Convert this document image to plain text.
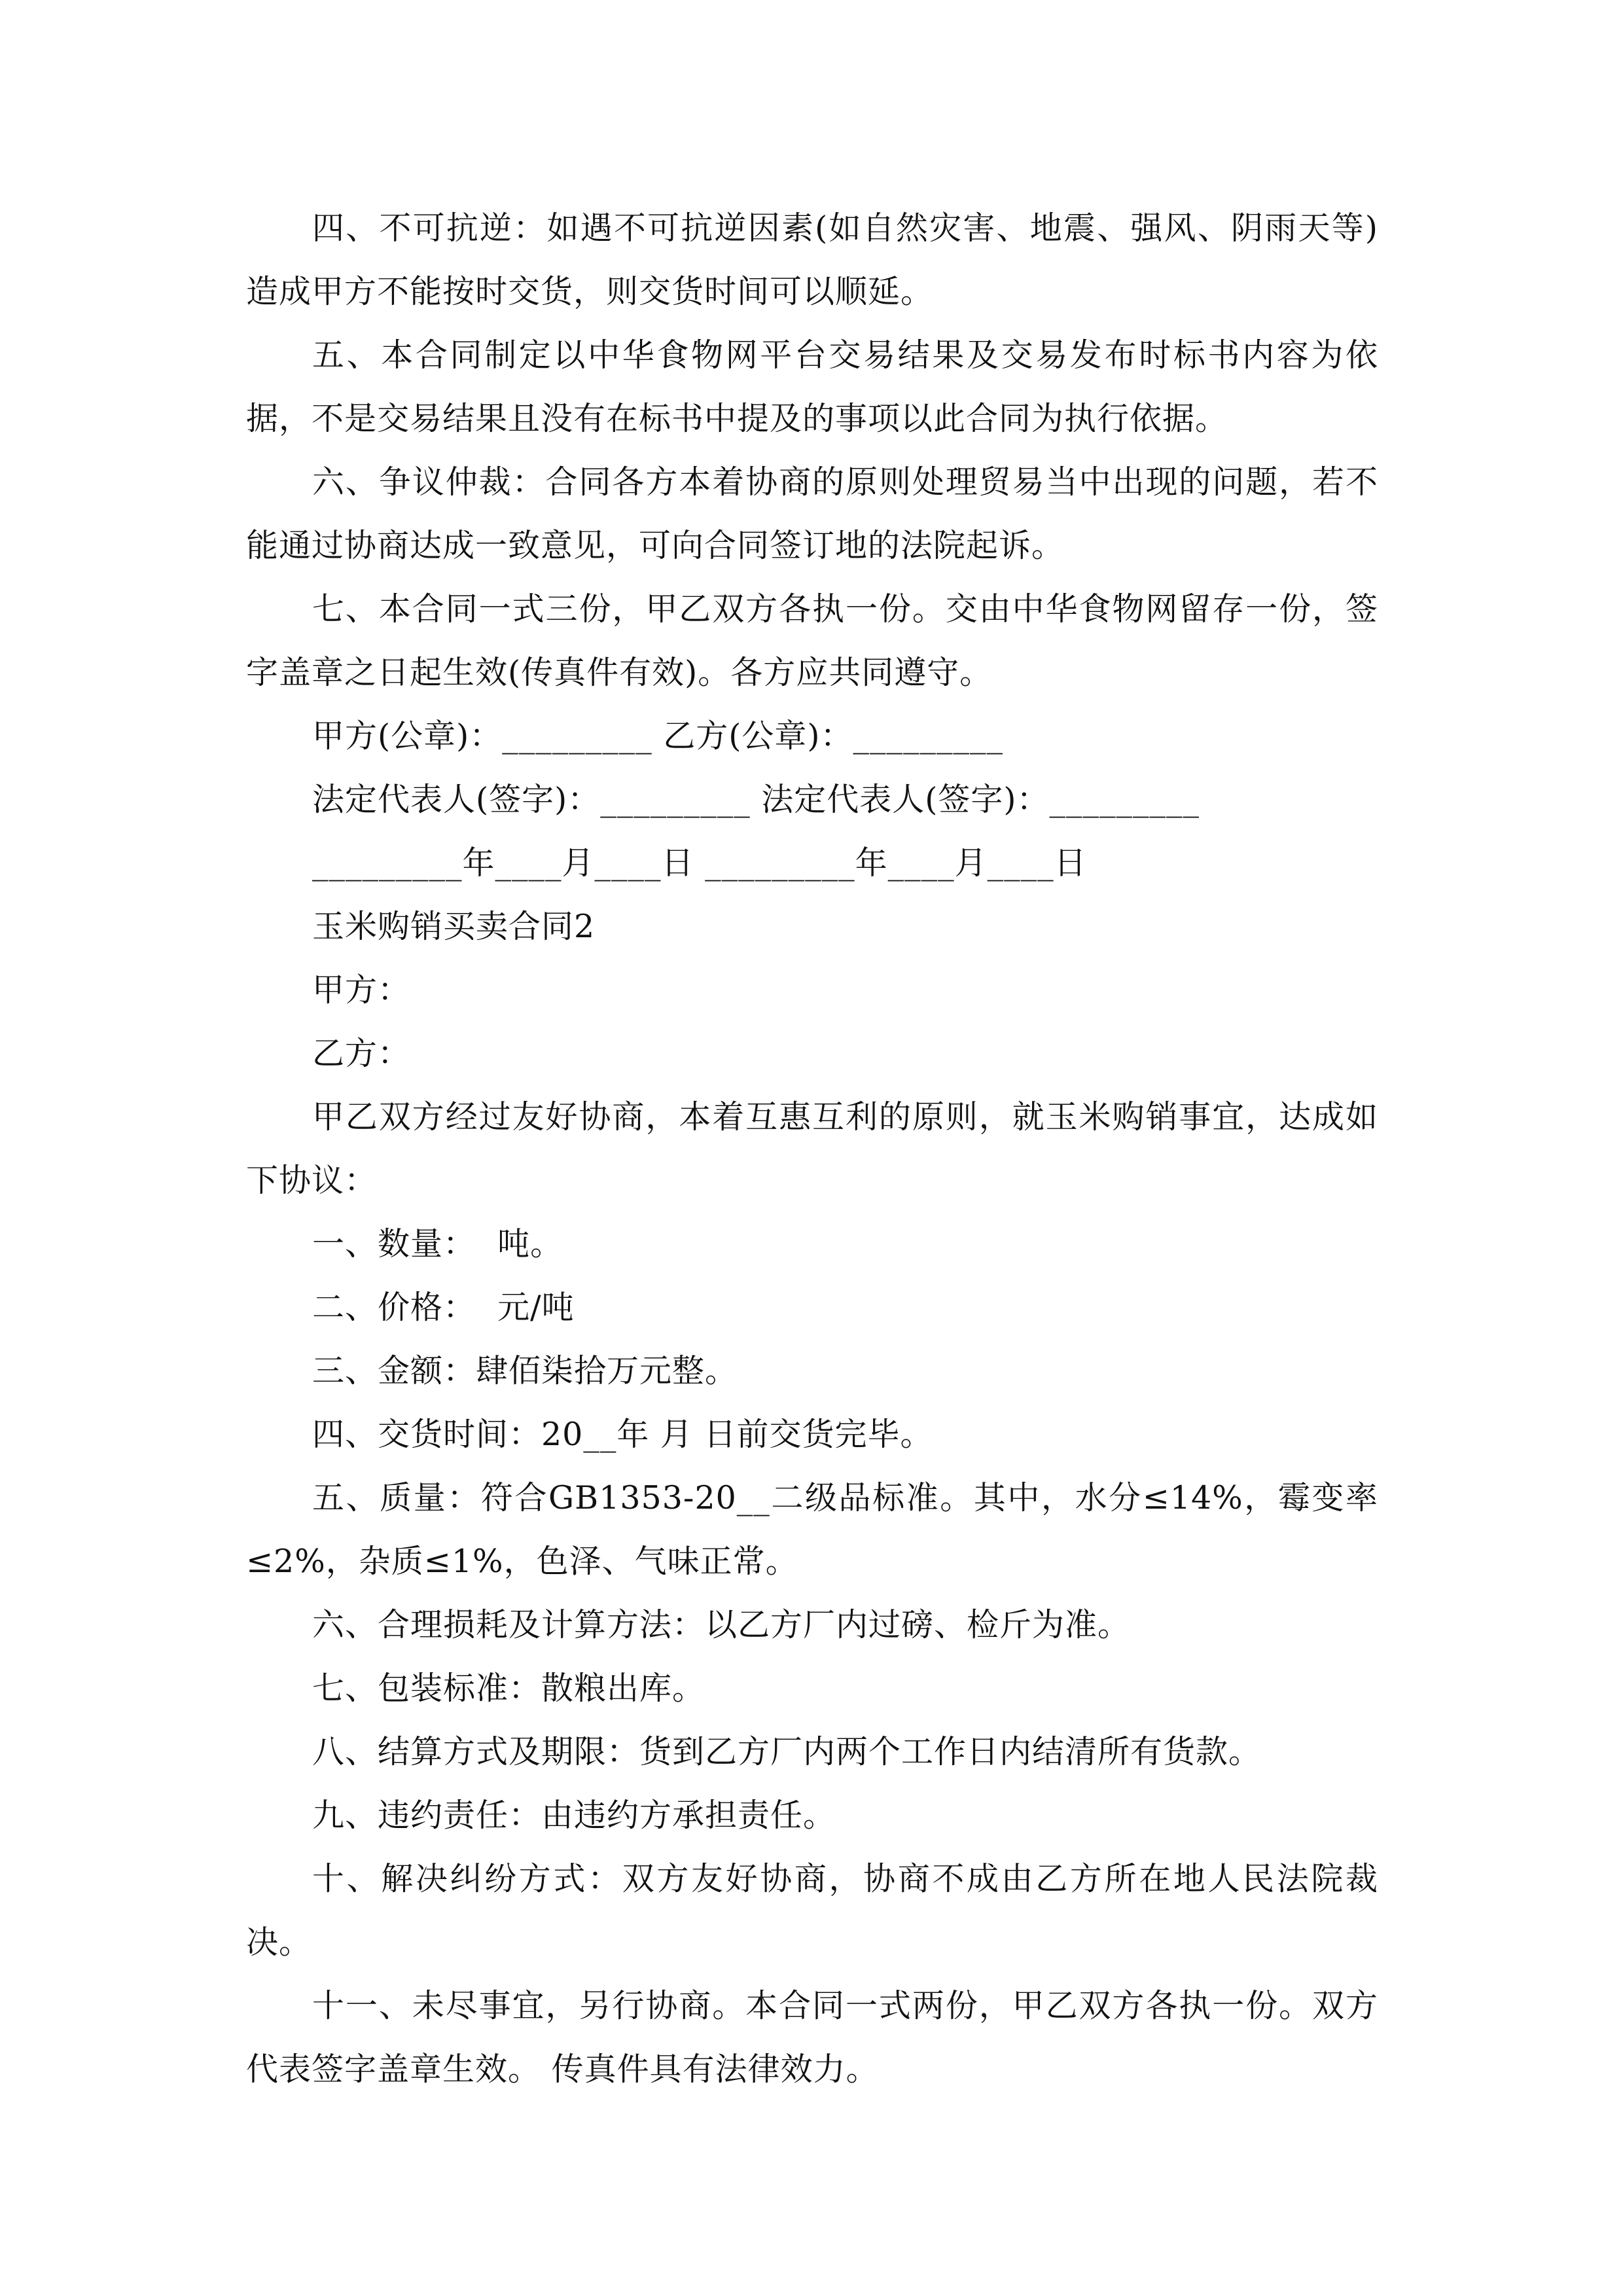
四、不可抗逆：如遇不可抗逆因素(如自然灾害、地震、强风、阴雨天等)造成甲方不能按时交货，则交货时间可以顺延。

五、本合同制定以中华食物网平台交易结果及交易发布时标书内容为依据，不是交易结果且没有在标书中提及的事项以此合同为执行依据。

六、争议仲裁：合同各方本着协商的原则处理贸易当中出现的问题，若不能通过协商达成一致意见，可向合同签订地的法院起诉。

七、本合同一式三份，甲乙双方各执一份。交由中华食物网留存一份，签字盖章之日起生效(传真件有效)。各方应共同遵守。

甲方(公章)：_________ 乙方(公章)：_________

法定代表人(签字)：_________ 法定代表人(签字)：_________

_________年____月____日 _________年____月____日

玉米购销买卖合同2

甲方：

乙方：

甲乙双方经过友好协商，本着互惠互利的原则，就玉米购销事宜，达成如下协议：

一、数量：  吨。

二、价格：  元/吨

三、金额：肆佰柒拾万元整。

四、交货时间：20__年 月 日前交货完毕。

五、质量：符合GB1353-20__二级品标准。其中，水分≤14%，霉变率≤2%，杂质≤1%，色泽、气味正常。

六、合理损耗及计算方法：以乙方厂内过磅、检斤为准。

七、包装标准：散粮出库。

八、结算方式及期限：货到乙方厂内两个工作日内结清所有货款。

九、违约责任：由违约方承担责任。

十、解决纠纷方式：双方友好协商，协商不成由乙方所在地人民法院裁决。

十一、未尽事宜，另行协商。本合同一式两份，甲乙双方各执一份。双方代表签字盖章生效。 传真件具有法律效力。
